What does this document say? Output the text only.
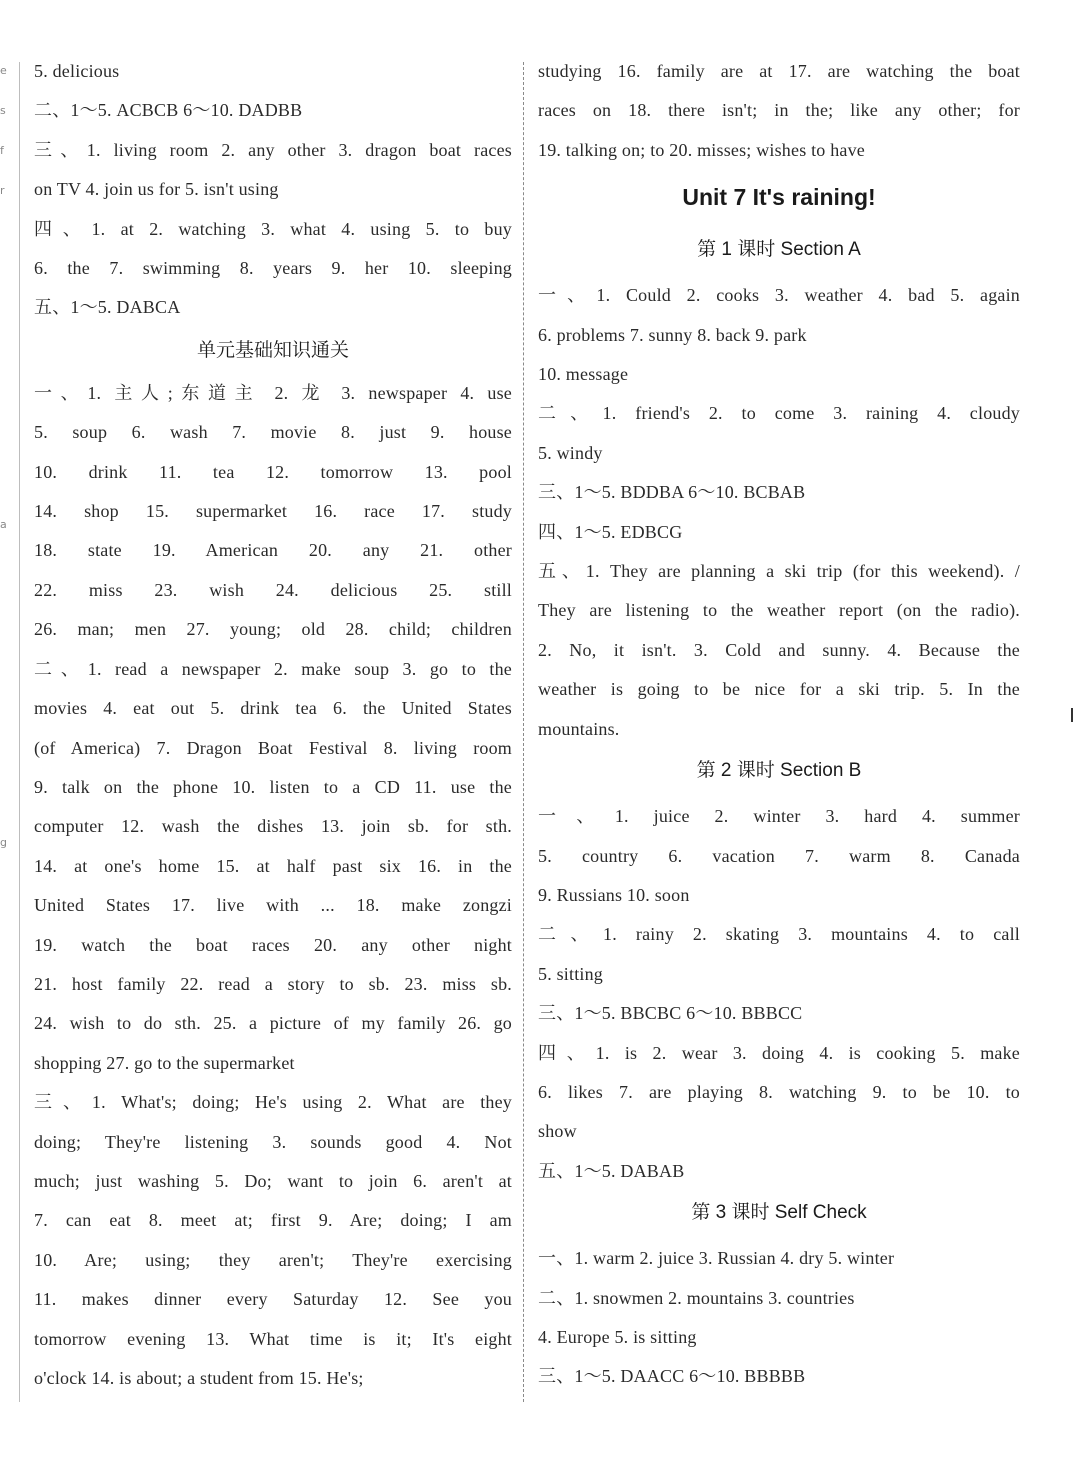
e
s
f
r
a
g
5. delicious
二、1～5. ACBCB 6～10. DADBB
三、1. living room 2. any other 3. dragon boat races
on TV 4. join us for 5. isn't using
四、1. at 2. watching 3. what 4. using 5. to buy
6. the 7. swimming 8. years 9. her 10. sleeping
五、1～5. DABCA
单元基础知识通关
一、1. 主人;东道主 2. 龙 3. newspaper 4. use
5. soup 6. wash 7. movie 8. just 9. house
10. drink 11. tea 12. tomorrow 13. pool
14. shop 15. supermarket 16. race 17. study
18. state 19. American 20. any 21. other
22. miss 23. wish 24. delicious 25. still
26. man; men 27. young; old 28. child; children
二、1. read a newspaper 2. make soup 3. go to the
movies 4. eat out 5. drink tea 6. the United States
(of America) 7. Dragon Boat Festival 8. living room
9. talk on the phone 10. listen to a CD 11. use the
computer 12. wash the dishes 13. join sb. for sth.
14. at one's home 15. at half past six 16. in the
United States 17. live with ... 18. make zongzi
19. watch the boat races 20. any other night
21. host family 22. read a story to sb. 23. miss sb.
24. wish to do sth. 25. a picture of my family 26. go
shopping 27. go to the supermarket
三、1. What's; doing; He's using 2. What are they
doing; They're listening 3. sounds good 4. Not
much; just washing 5. Do; want to join 6. aren't at
7. can eat 8. meet at; first 9. Are; doing; I am
10. Are; using; they aren't; They're exercising
11. makes dinner every Saturday 12. See you
tomorrow evening 13. What time is it; It's eight
o'clock 14. is about; a student from 15. He's;
studying 16. family are at 17. are watching the boat
races on 18. there isn't; in the; like any other; for
19. talking on; to 20. misses; wishes to have
Unit 7 It's raining!
第 1 课时 Section A
一、1. Could 2. cooks 3. weather 4. bad 5. again
6. problems 7. sunny 8. back 9. park
10. message
二、1. friend's 2. to come 3. raining 4. cloudy
5. windy
三、1～5. BDDBA 6～10. BCBAB
四、1～5. EDBCG
五、1. They are planning a ski trip (for this weekend). /
They are listening to the weather report (on the radio).
2. No, it isn't. 3. Cold and sunny. 4. Because the
weather is going to be nice for a ski trip. 5. In the
mountains.
第 2 课时 Section B
一、1. juice 2. winter 3. hard 4. summer
5. country 6. vacation 7. warm 8. Canada
9. Russians 10. soon
二、1. rainy 2. skating 3. mountains 4. to call
5. sitting
三、1～5. BBCBC 6～10. BBBCC
四、1. is 2. wear 3. doing 4. is cooking 5. make
6. likes 7. are playing 8. watching 9. to be 10. to
show
五、1～5. DABAB
第 3 课时 Self Check
一、1. warm 2. juice 3. Russian 4. dry 5. winter
二、1. snowmen 2. mountains 3. countries
4. Europe 5. is sitting
三、1～5. DAACC 6～10. BBBBB
